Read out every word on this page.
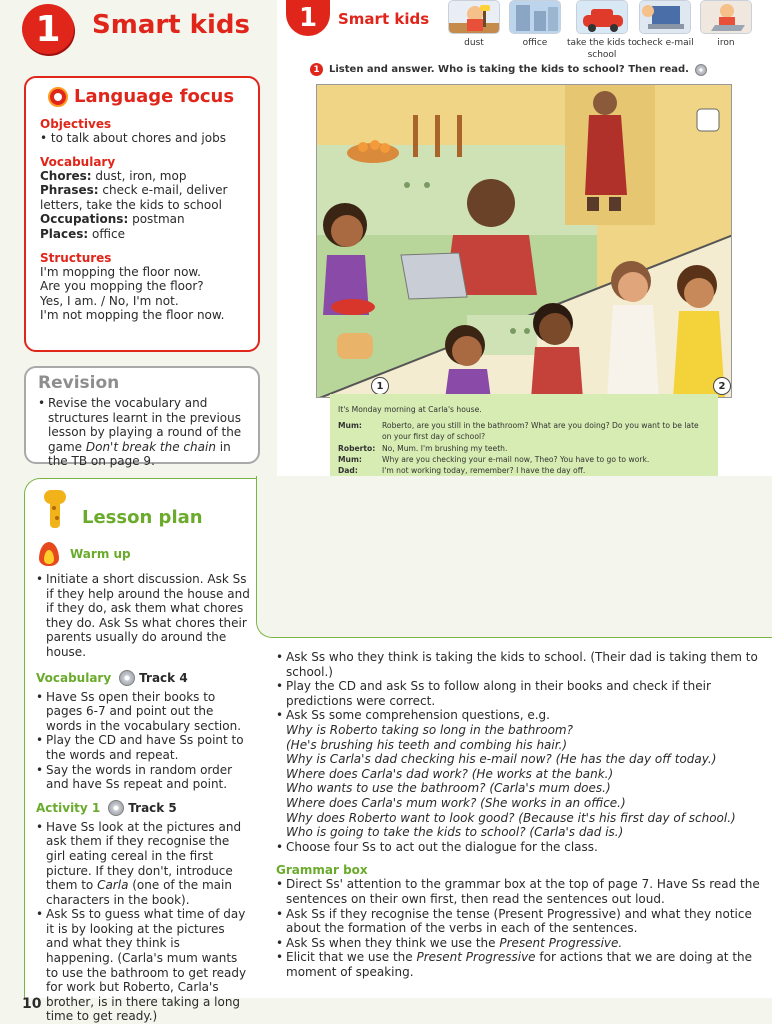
1	Smart kids	1	Smart kids
dust	office	take the kids to school
check e-mail	iron
1 Listen and answer. Who is taking the kids to school? Then read.
1	2
It's Monday morning at Carla's house.
Mum:	Roberto, are you still in the bathroom? What are you doing? Do you want to be late on your first day of school?
Roberto: No, Mum. I'm brushing my teeth.
Mum:	Why are you checking your e-mail now, Theo? You have to go to work.
Dad:	I'm not working today, remember? I have the day off.
Language focus
Objectives
• to talk about chores and jobs
Vocabulary
Chores: dust, iron, mop
Phrases: check e-mail, deliver letters, take the kids to school
Occupations: postman
Places: office
Structures
I'm mopping the floor now.
Are you mopping the floor?
Yes, I am. / No, I'm not.
I'm not mopping the floor now.
Revision
• Revise the vocabulary and structures learnt in the previous lesson by playing a round of the game Don't break the chain in the TB on page 9.
Lesson plan
Warm up
• Initiate a short discussion. Ask Ss if they help around the house and if they do, ask them what chores they do. Ask Ss what chores their parents usually do around the house.
Vocabulary Track 4
• Have Ss open their books to pages 6-7 and point out the words in the vocabulary section.
• Play the CD and have Ss point to the words and repeat.
• Say the words in random order and have Ss repeat and point.
Activity 1 Track 5
• Have Ss look at the pictures and ask them if they recognise the girl eating cereal in the first picture. If they don't, introduce them to Carla (one of the main characters in the book).
• Ask Ss to guess what time of day it is by looking at the pictures and what they think is happening. (Carla's mum wants to use the bathroom to get ready for work but Roberto, Carla's brother, is in there taking a long time to get ready.)
• Ask Ss who they think is taking the kids to school. (Their dad is taking them to school.)
• Play the CD and ask Ss to follow along in their books and check if their predictions were correct.
• Ask Ss some comprehension questions, e.g.
Why is Roberto taking so long in the bathroom?
(He's brushing his teeth and combing his hair.)
Why is Carla's dad checking his e-mail now? (He has the day off today.)
Where does Carla's dad work? (He works at the bank.)
Who wants to use the bathroom? (Carla's mum does.)
Where does Carla's mum work? (She works in an office.)
Why does Roberto want to look good? (Because it's his first day of school.)
Who is going to take the kids to school? (Carla's dad is.)
• Choose four Ss to act out the dialogue for the class.
Grammar box
• Direct Ss' attention to the grammar box at the top of page 7. Have Ss read the sentences on their own first, then read the sentences out loud.
• Ask Ss if they recognise the tense (Present Progressive) and what they notice about the formation of the verbs in each of the sentences.
• Ask Ss when they think we use the Present Progressive.
• Elicit that we use the Present Progressive for actions that we are doing at the moment of speaking.
10
